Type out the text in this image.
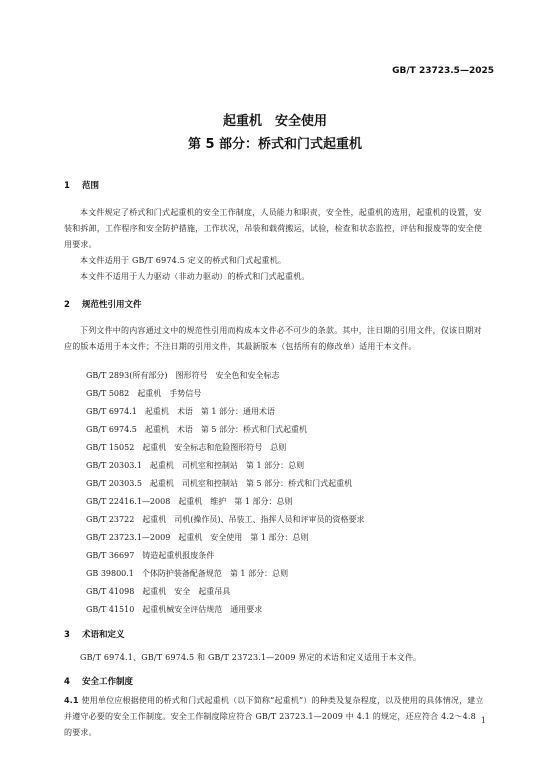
GB/T 23723.5—2025
起重机　安全使用
第 5 部分：桥式和门式起重机
1 范围
本文件规定了桥式和门式起重机的安全工作制度，人员能力和职责，安全性，起重机的选用，起重机的设置，安装和拆卸，工作程序和安全防护措施，工作状况，吊装和载荷搬运，试验，检查和状态监控，评估和报废等的安全使用要求。
本文件适用于 GB/T 6974.5 定义的桥式和门式起重机。
本文件不适用于人力驱动（非动力驱动）的桥式和门式起重机。
2 规范性引用文件
下列文件中的内容通过文中的规范性引用而构成本文件必不可少的条款。其中，注日期的引用文件，仅该日期对应的版本适用于本文件；不注日期的引用文件，其最新版本（包括所有的修改单）适用于本文件。
GB/T 2893(所有部分)　图形符号　安全色和安全标志
GB/T 5082　起重机　手势信号
GB/T 6974.1　起重机　术语　第 1 部分：通用术语
GB/T 6974.5　起重机　术语　第 5 部分：桥式和门式起重机
GB/T 15052　起重机　安全标志和危险图形符号　总则
GB/T 20303.1　起重机　司机室和控制站　第 1 部分：总则
GB/T 20303.5　起重机　司机室和控制站　第 5 部分：桥式和门式起重机
GB/T 22416.1—2008　起重机　维护　第 1 部分：总则
GB/T 23722　起重机　司机(操作员)、吊装工、指挥人员和评审员的资格要求
GB/T 23723.1—2009　起重机　安全使用　第 1 部分：总则
GB/T 36697　铸造起重机报废条件
GB 39800.1　个体防护装备配备规范　第 1 部分：总则
GB/T 41098　起重机　安全　起重吊具
GB/T 41510　起重机械安全评估规范　通用要求
3 术语和定义
GB/T 6974.1、GB/T 6974.5 和 GB/T 23723.1—2009 界定的术语和定义适用于本文件。
4 安全工作制度
4.1 使用单位应根据使用的桥式和门式起重机（以下简称“起重机”）的种类及复杂程度，以及使用的具体情况，建立并遵守必要的安全工作制度。安全工作制度除应符合 GB/T 23723.1—2009 中 4.1 的规定，还应符合 4.2～4.8 的要求。
1
